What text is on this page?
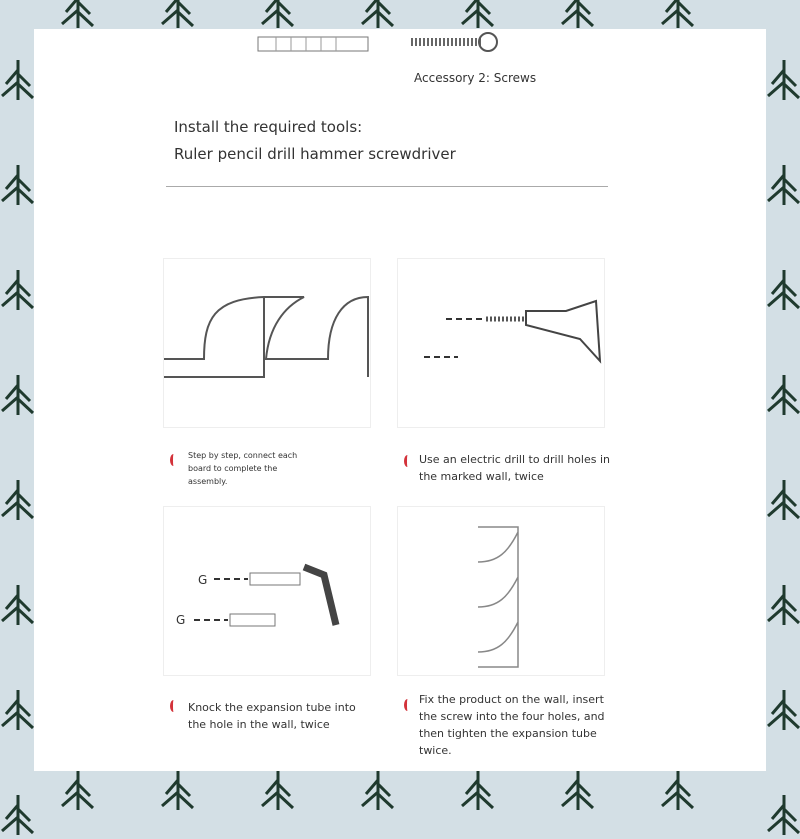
Accessory 2: Screws
Install the required tools:
Ruler pencil drill hammer screwdriver
G
G
Step by step, connect each board to complete the assembly.
Use an electric drill to drill holes in the marked wall, twice
Knock the expansion tube into the hole in the wall, twice
Fix the product on the wall, insert the screw into the four holes, and then tighten the expansion tube twice.
